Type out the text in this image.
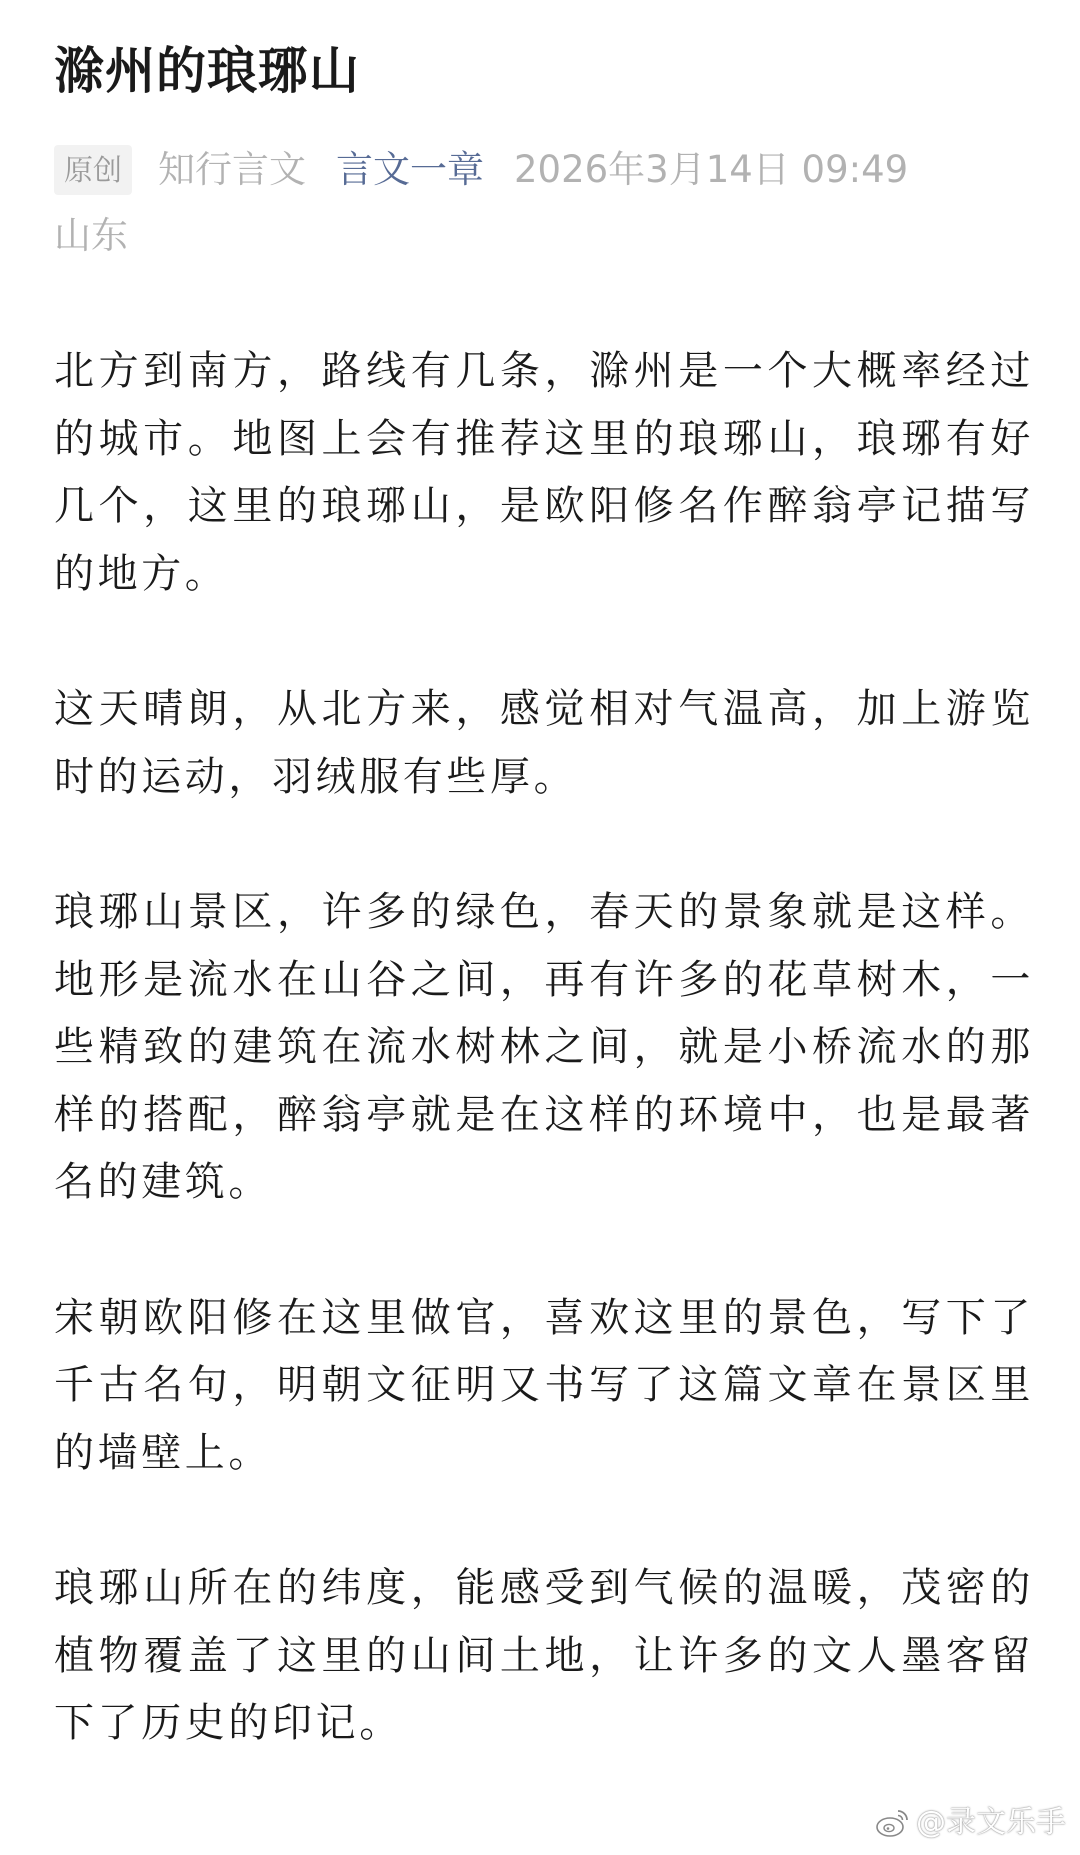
滁州的琅琊山
原创 知行言文 言文一章 2026年3月14日 09:49
山东

北方到南方，路线有几条，滁州是一个大概率经过的城市。地图上会有推荐这里的琅琊山，琅琊有好几个，这里的琅琊山，是欧阳修名作醉翁亭记描写的地方。

这天晴朗，从北方来，感觉相对气温高，加上游览时的运动，羽绒服有些厚。

琅琊山景区，许多的绿色，春天的景象就是这样。地形是流水在山谷之间，再有许多的花草树木，一些精致的建筑在流水树林之间，就是小桥流水的那样的搭配，醉翁亭就是在这样的环境中，也是最著名的建筑。

宋朝欧阳修在这里做官，喜欢这里的景色，写下了千古名句，明朝文征明又书写了这篇文章在景区里的墙壁上。

琅琊山所在的纬度，能感受到气候的温暖，茂密的植物覆盖了这里的山间土地，让许多的文人墨客留下了历史的印记。

@录文乐手
